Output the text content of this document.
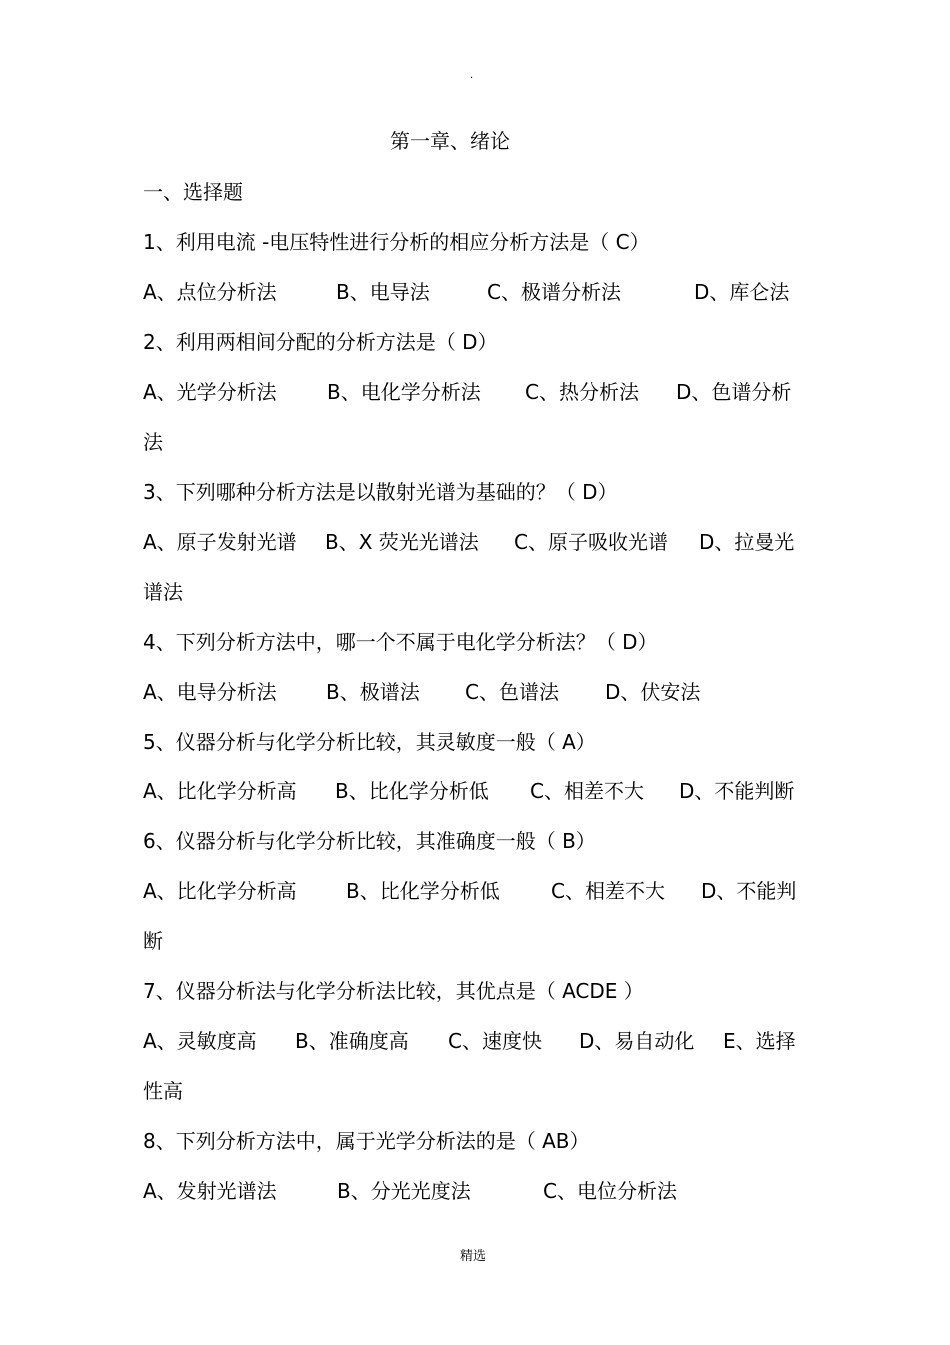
.
第一章、绪论
一、选择题
1、利用电流 -电压特性进行分析的相应分析方法是（ C）
A、点位分析法	B、电导法	C、极谱分析法	D、库仑法
2、利用两相间分配的分析方法是（ D）
A、光学分析法	B、电化学分析法 C、热分析法 D、色谱分析
法
3、下列哪种分析方法是以散射光谱为基础的？（ D）
A、原子发射光谱 B、X 荧光光谱法 C、原子吸收光谱 D、拉曼光
谱法
4、下列分析方法中，哪一个不属于电化学分析法？（ D）
A、电导分析法 B、极谱法 C、色谱法 D、伏安法
5、仪器分析与化学分析比较，其灵敏度一般（ A）
A、比化学分析高 B、比化学分析低 C、相差不大 D、不能判断
6、仪器分析与化学分析比较，其准确度一般（ B）
A、比化学分析高 B、比化学分析低	C、相差不大 D、不能判
断
7、仪器分析法与化学分析法比较，其优点是（ ACDE ）
A、灵敏度高 B、准确度高 C、速度快 D、易自动化 E、选择
性高
8、下列分析方法中，属于光学分析法的是（ AB）
A、发射光谱法	B、分光光度法	C、电位分析法
精选
